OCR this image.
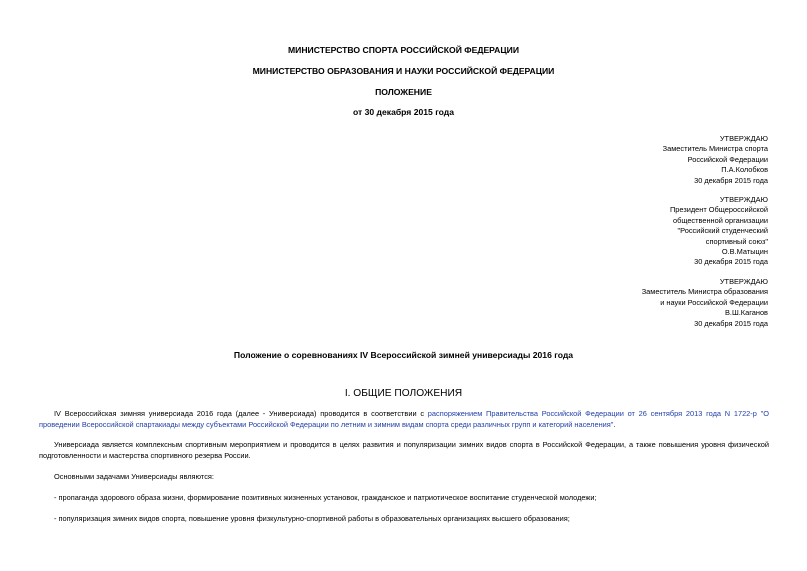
МИНИСТЕРСТВО СПОРТА РОССИЙСКОЙ ФЕДЕРАЦИИ
МИНИСТЕРСТВО ОБРАЗОВАНИЯ И НАУКИ РОССИЙСКОЙ ФЕДЕРАЦИИ
ПОЛОЖЕНИЕ
от 30 декабря 2015 года
УТВЕРЖДАЮ
Заместитель Министра спорта
Российской Федерации
П.А.Колобков
30 декабря 2015 года
УТВЕРЖДАЮ
Президент Общероссийской
общественной организации
"Российский студенческий
спортивный союз"
О.В.Матыцин
30 декабря 2015 года
УТВЕРЖДАЮ
Заместитель Министра образования
и науки Российской Федерации
В.Ш.Каганов
30 декабря 2015 года
Положение о соревнованиях IV Всероссийской зимней универсиады 2016 года
I. ОБЩИЕ ПОЛОЖЕНИЯ
IV Всероссийская зимняя универсиада 2016 года (далее - Универсиада) проводится в соответствии с распоряжением Правительства Российской Федерации от 26 сентября 2013 года N 1722-р "О проведении Всероссийской спартакиады между субъектами Российской Федерации по летним и зимним видам спорта среди различных групп и категорий населения".
Универсиада является комплексным спортивным мероприятием и проводится в целях развития и популяризации зимних видов спорта в Российской Федерации, а также повышения уровня физической подготовленности и мастерства спортивного резерва России.
Основными задачами Универсиады являются:
- пропаганда здорового образа жизни, формирование позитивных жизненных установок, гражданское и патриотическое воспитание студенческой молодежи;
- популяризация зимних видов спорта, повышение уровня физкультурно-спортивной работы в образовательных организациях высшего образования;
